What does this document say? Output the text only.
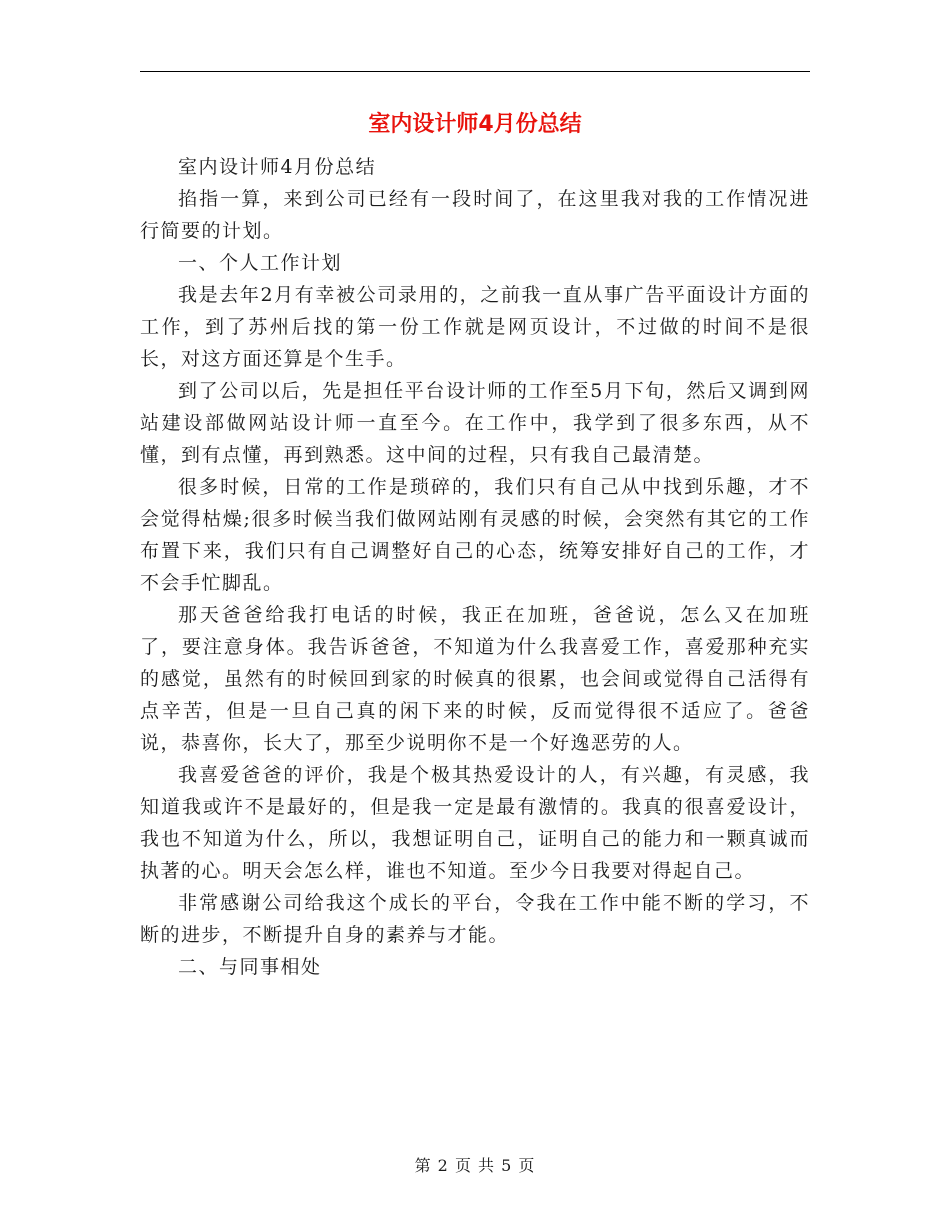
室内设计师4月份总结

室内设计师4月份总结

掐指一算，来到公司已经有一段时间了，在这里我对我的工作情况进行简要的计划。

一、个人工作计划

我是去年2月有幸被公司录用的，之前我一直从事广告平面设计方面的工作，到了苏州后找的第一份工作就是网页设计，不过做的时间不是很长，对这方面还算是个生手。

到了公司以后，先是担任平台设计师的工作至5月下旬，然后又调到网站建设部做网站设计师一直至今。在工作中，我学到了很多东西，从不懂，到有点懂，再到熟悉。这中间的过程，只有我自己最清楚。

很多时候，日常的工作是琐碎的，我们只有自己从中找到乐趣，才不会觉得枯燥;很多时候当我们做网站刚有灵感的时候，会突然有其它的工作布置下来，我们只有自己调整好自己的心态，统筹安排好自己的工作，才不会手忙脚乱。

那天爸爸给我打电话的时候，我正在加班，爸爸说，怎么又在加班了，要注意身体。我告诉爸爸，不知道为什么我喜爱工作，喜爱那种充实的感觉，虽然有的时候回到家的时候真的很累，也会间或觉得自己活得有点辛苦，但是一旦自己真的闲下来的时候，反而觉得很不适应了。爸爸说，恭喜你，长大了，那至少说明你不是一个好逸恶劳的人。

我喜爱爸爸的评价，我是个极其热爱设计的人，有兴趣，有灵感，我知道我或许不是最好的，但是我一定是最有激情的。我真的很喜爱设计，我也不知道为什么，所以，我想证明自己，证明自己的能力和一颗真诚而执著的心。明天会怎么样，谁也不知道。至少今日我要对得起自己。

非常感谢公司给我这个成长的平台，令我在工作中能不断的学习，不断的进步，不断提升自身的素养与才能。

二、与同事相处

第 2 页 共 5 页
